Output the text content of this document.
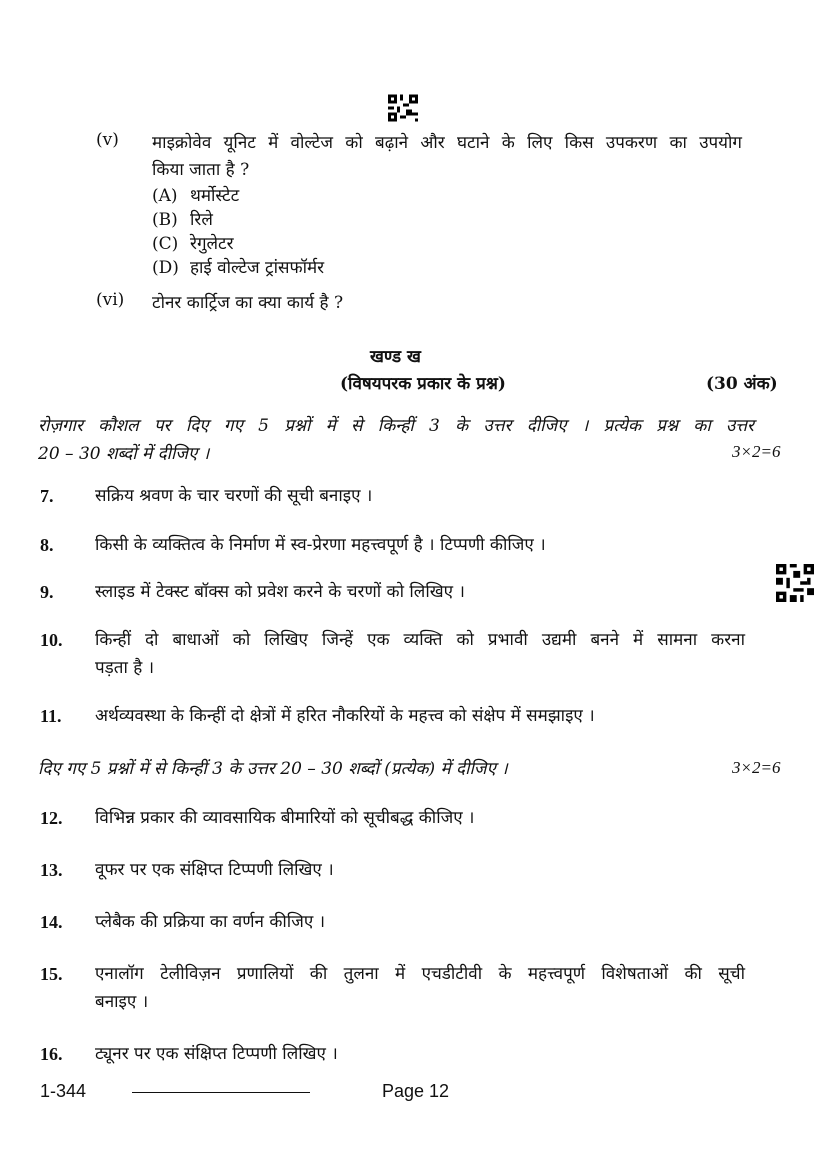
(v) माइक्रोवेव यूनिट में वोल्टेज को बढ़ाने और घटाने के लिए किस उपकरण का उपयोग
किया जाता है ?
(A) थर्मोस्टेट
(B) रिले
(C) रेगुलेटर
(D) हाई वोल्टेज ट्रांसफॉर्मर
(vi) टोनर कार्ट्रिज का क्या कार्य है ?
खण्ड ख
(विषयपरक प्रकार के प्रश्न)	(30 अंक)
रोज़गार कौशल पर दिए गए 5 प्रश्नों में से किन्हीं 3 के उत्तर दीजिए । प्रत्येक प्रश्न का उत्तर
20 – 30 शब्दों में दीजिए ।	3×2=6
7. सक्रिय श्रवण के चार चरणों की सूची बनाइए ।
8. किसी के व्यक्तित्व के निर्माण में स्व-प्रेरणा महत्त्वपूर्ण है । टिप्पणी कीजिए ।
9. स्लाइड में टेक्स्ट बॉक्स को प्रवेश करने के चरणों को लिखिए ।
10. किन्हीं दो बाधाओं को लिखिए जिन्हें एक व्यक्ति को प्रभावी उद्यमी बनने में सामना करना
पड़ता है ।
11. अर्थव्यवस्था के किन्हीं दो क्षेत्रों में हरित नौकरियों के महत्त्व को संक्षेप में समझाइए ।
दिए गए 5 प्रश्नों में से किन्हीं 3 के उत्तर 20 – 30 शब्दों (प्रत्येक) में दीजिए ।	3×2=6
12. विभिन्न प्रकार की व्यावसायिक बीमारियों को सूचीबद्ध कीजिए ।
13. वूफर पर एक संक्षिप्त टिप्पणी लिखिए ।
14. प्लेबैक की प्रक्रिया का वर्णन कीजिए ।
15. एनालॉग टेलीविज़न प्रणालियों की तुलना में एचडीटीवी के महत्त्वपूर्ण विशेषताओं की सूची
बनाइए ।
16. ट्यूनर पर एक संक्षिप्त टिप्पणी लिखिए ।
1-344	Page 12
